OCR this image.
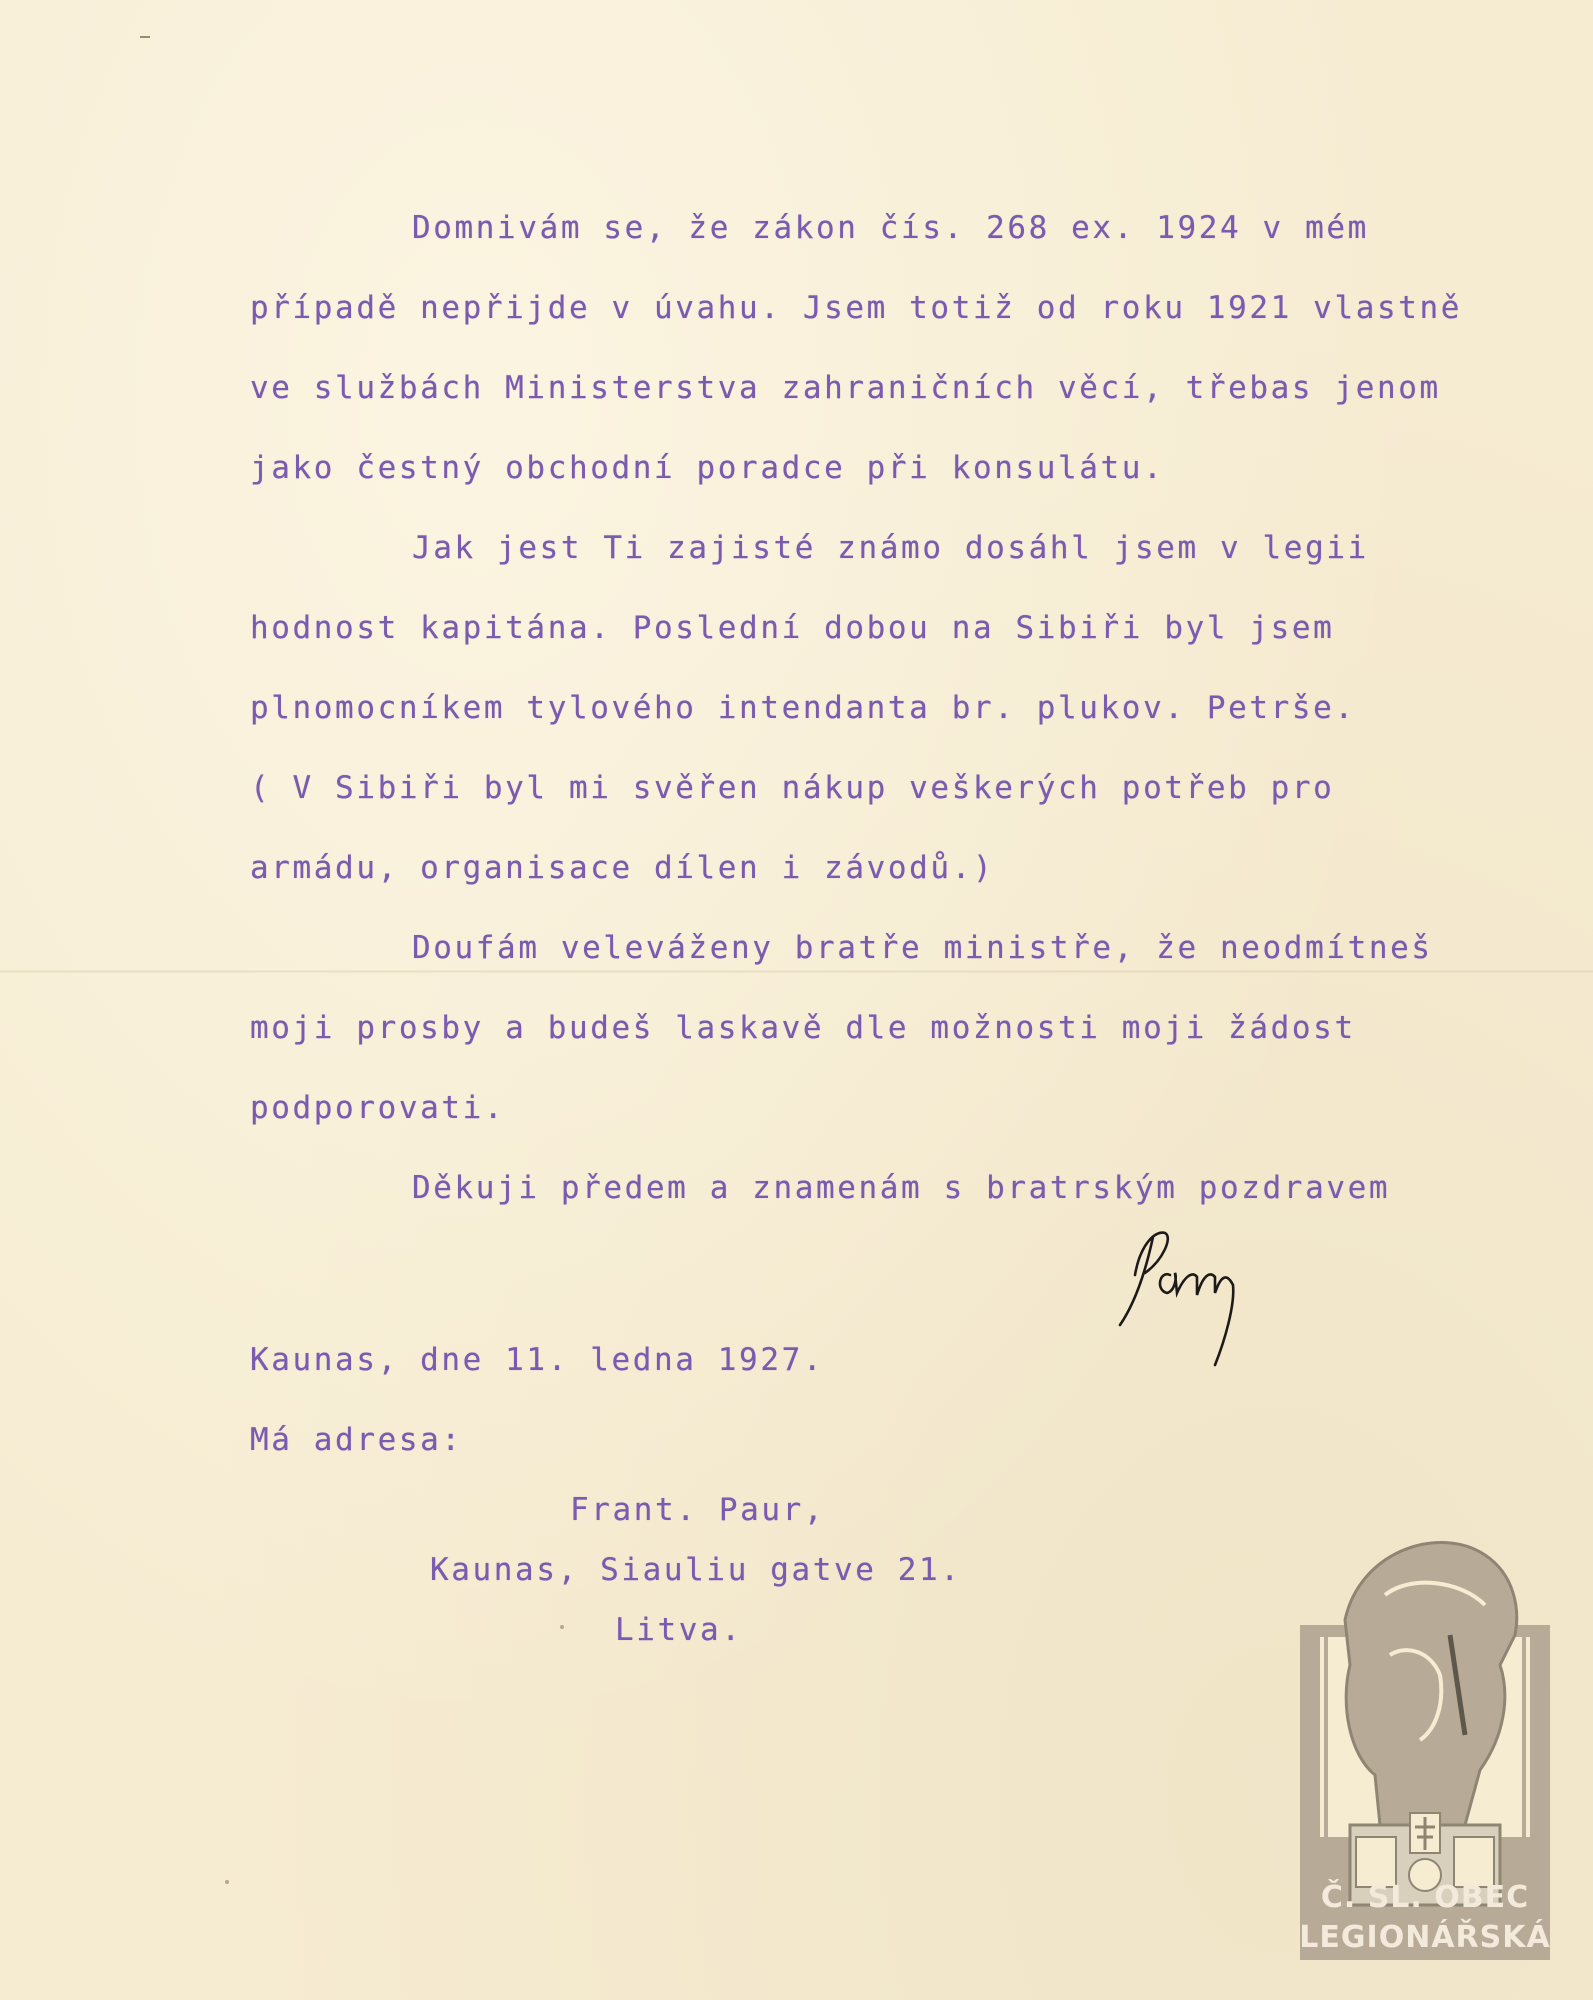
Domnivám se, že zákon čís. 268 ex. 1924 v mém
případě nepřijde v úvahu. Jsem totiž od roku 1921 vlastně
ve službách Ministerstva zahraničních věcí, třebas jenom
jako čestný obchodní poradce při konsulátu.
Jak jest Ti zajisté známo dosáhl jsem v legii
hodnost kapitána. Poslední dobou na Sibiři byl jsem
plnomocníkem tylového intendanta br. plukov. Petrše.
( V Sibiři byl mi svěřen nákup veškerých potřeb pro
armádu, organisace dílen i závodů.)
Doufám veleváženy bratře ministře, že neodmítneš
moji prosby a budeš laskavě dle možnosti moji žádost
podporovati.
Děkuji předem a znamenám s bratrským pozdravem
Kaunas, dne 11. ledna 1927.
Má adresa:
Frant. Paur,
Kaunas, Siauliu gatve 21.
Litva.
Č. SL. OBEC
LEGIONÁŘSKÁ
